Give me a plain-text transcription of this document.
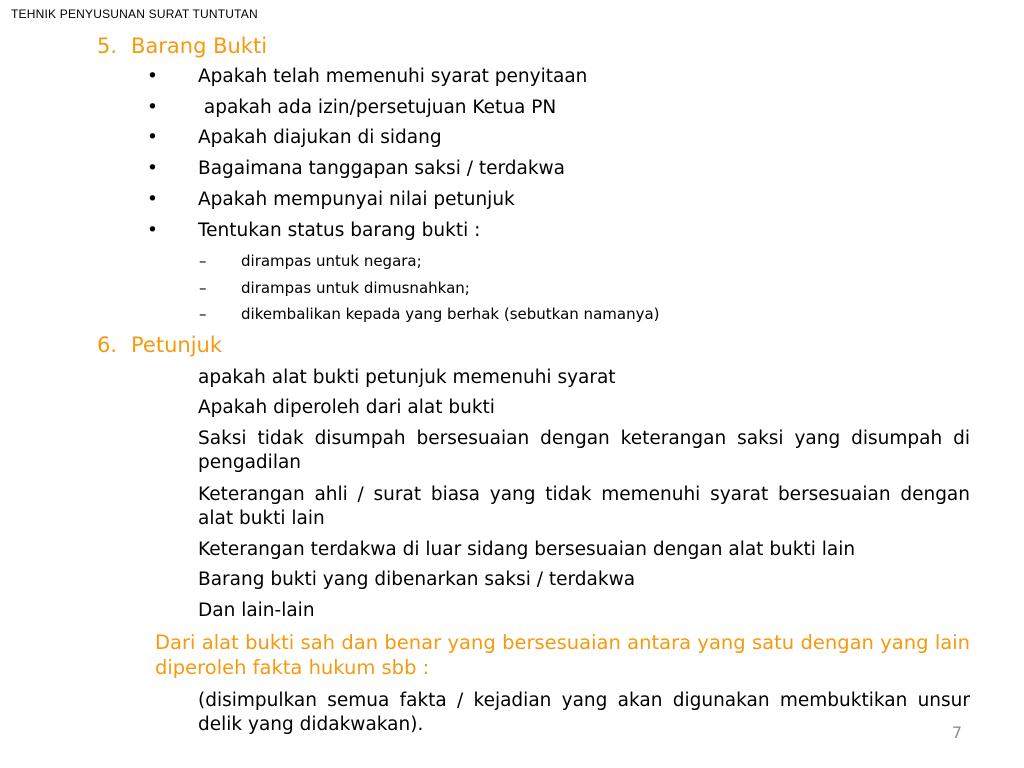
TEHNIK PENYUSUNAN SURAT TUNTUTAN
5. Barang Bukti
• Apakah telah memenuhi syarat penyitaan
• apakah ada izin/persetujuan Ketua PN
• Apakah diajukan di sidang
• Bagaimana tanggapan saksi / terdakwa
• Apakah mempunyai nilai petunjuk
• Tentukan status barang bukti :
– dirampas untuk negara;
– dirampas untuk dimusnahkan;
– dikembalikan kepada yang berhak (sebutkan namanya)
6. Petunjuk
apakah alat bukti petunjuk memenuhi syarat
Apakah diperoleh dari alat bukti
Saksi tidak disumpah bersesuaian dengan keterangan saksi yang disumpah di pengadilan
Keterangan ahli / surat biasa yang tidak memenuhi syarat bersesuaian dengan alat bukti lain
Keterangan terdakwa di luar sidang bersesuaian dengan alat bukti lain
Barang bukti yang dibenarkan saksi / terdakwa
Dan lain-lain
Dari alat bukti sah dan benar yang bersesuaian antara yang satu dengan yang lain diperoleh fakta hukum sbb :
(disimpulkan semua fakta / kejadian yang akan digunakan membuktikan unsur delik yang didakwakan).	7
